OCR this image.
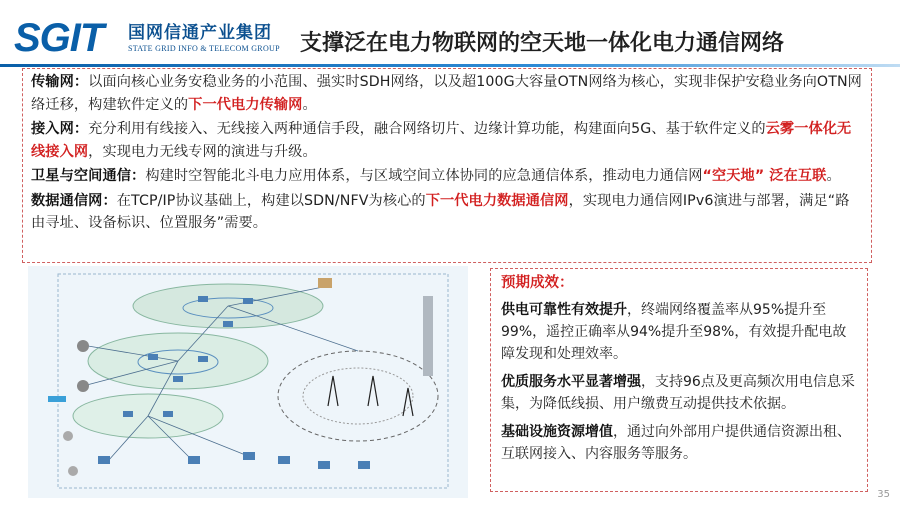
SGIT 国网信通产业集团
STATE GRID INFO & TELECOM GROUP 支撑泛在电力物联网的空天地一体化电力通信网络

传输网：以面向核心业务安稳业务的小范围、强实时SDH网络，以及超100G大容量OTN网络为核心，实现非保护安稳业务向OTN网络迁移，构建软件定义的下一代电力传输网。

接入网：充分利用有线接入、无线接入两种通信手段，融合网络切片、边缘计算功能，构建面向5G、基于软件定义的云雾一体化无线接入网，实现电力无线专网的演进与升级。

卫星与空间通信：构建时空智能北斗电力应用体系，与区域空间立体协同的应急通信体系，推动电力通信网“空天地” 泛在互联。

数据通信网：在TCP/IP协议基础上，构建以SDN/NFV为核心的下一代电力数据通信网，实现电力通信网IPv6演进与部署，满足“路由寻址、设备标识、位置服务”需要。

预期成效：

供电可靠性有效提升，终端网络覆盖率从95%提升至99%，遥控正确率从94%提升至98%，有效提升配电故障发现和处理效率。

优质服务水平显著增强，支持96点及更高频次用电信息采集，为降低线损、用户缴费互动提供技术依据。

基础设施资源增值，通过向外部用户提供通信资源出租、互联网接入、内容服务等服务。

35
